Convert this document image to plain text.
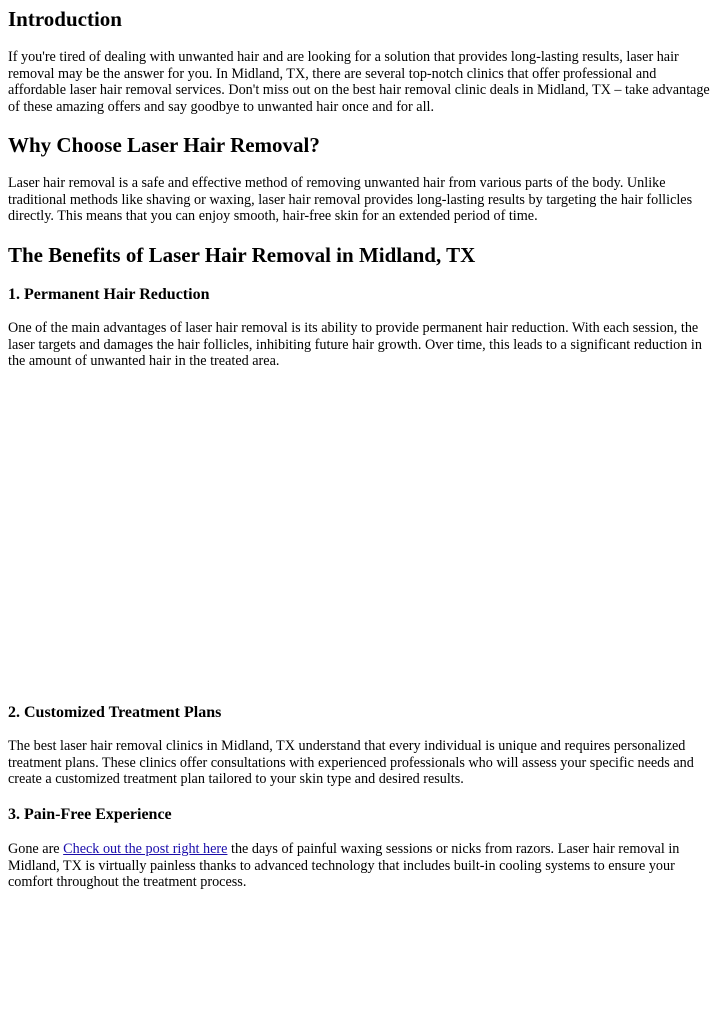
Introduction

If you're tired of dealing with unwanted hair and are looking for a solution that provides long-lasting results, laser hair removal may be the answer for you. In Midland, TX, there are several top-notch clinics that offer professional and affordable laser hair removal services. Don't miss out on the best hair removal clinic deals in Midland, TX – take advantage of these amazing offers and say goodbye to unwanted hair once and for all.

Why Choose Laser Hair Removal?

Laser hair removal is a safe and effective method of removing unwanted hair from various parts of the body. Unlike traditional methods like shaving or waxing, laser hair removal provides long-lasting results by targeting the hair follicles directly. This means that you can enjoy smooth, hair-free skin for an extended period of time.

The Benefits of Laser Hair Removal in Midland, TX
1. Permanent Hair Reduction

One of the main advantages of laser hair removal is its ability to provide permanent hair reduction. With each session, the laser targets and damages the hair follicles, inhibiting future hair growth. Over time, this leads to a significant reduction in the amount of unwanted hair in the treated area.

2. Customized Treatment Plans

The best laser hair removal clinics in Midland, TX understand that every individual is unique and requires personalized treatment plans. These clinics offer consultations with experienced professionals who will assess your specific needs and create a customized treatment plan tailored to your skin type and desired results.

3. Pain-Free Experience

Gone are Check out the post right here the days of painful waxing sessions or nicks from razors. Laser hair removal in Midland, TX is virtually painless thanks to advanced technology that includes built-in cooling systems to ensure your comfort throughout the treatment process.
